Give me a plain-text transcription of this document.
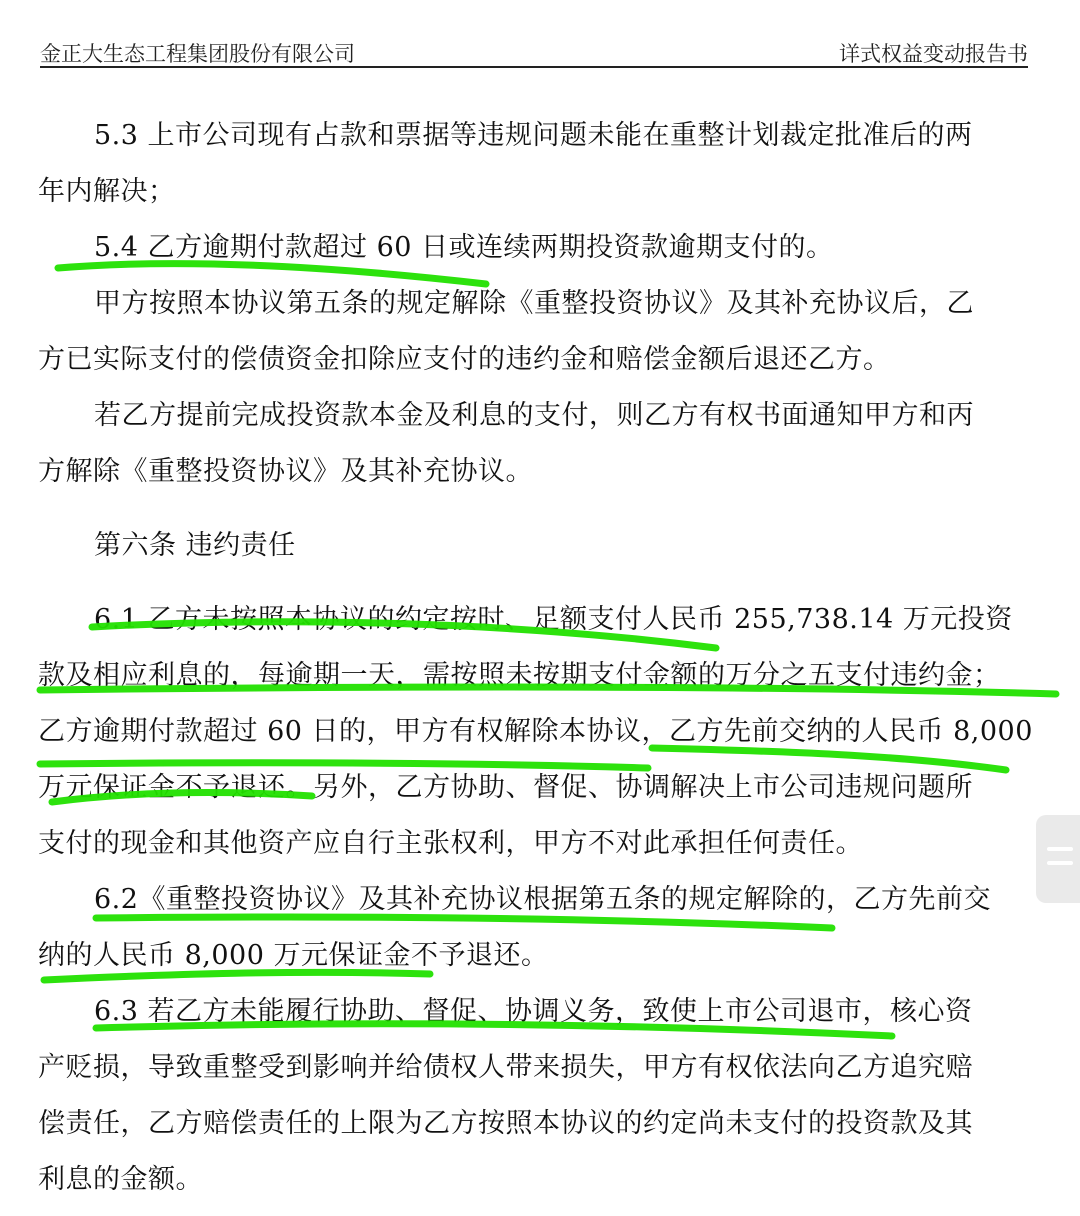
金正大生态工程集团股份有限公司	详式权益变动报告书
5.3 上市公司现有占款和票据等违规问题未能在重整计划裁定批准后的两
年内解决；
5.4 乙方逾期付款超过 60 日或连续两期投资款逾期支付的。
甲方按照本协议第五条的规定解除《重整投资协议》及其补充协议后，乙
方已实际支付的偿债资金扣除应支付的违约金和赔偿金额后退还乙方。
若乙方提前完成投资款本金及利息的支付，则乙方有权书面通知甲方和丙
方解除《重整投资协议》及其补充协议。
第六条 违约责任
6.1 乙方未按照本协议的约定按时、足额支付人民币 255,738.14 万元投资
款及相应利息的，每逾期一天，需按照未按期支付金额的万分之五支付违约金；
乙方逾期付款超过 60 日的，甲方有权解除本协议，乙方先前交纳的人民币 8,000
万元保证金不予退还。另外，乙方协助、督促、协调解决上市公司违规问题所
支付的现金和其他资产应自行主张权利，甲方不对此承担任何责任。
6.2《重整投资协议》及其补充协议根据第五条的规定解除的，乙方先前交
纳的人民币 8,000 万元保证金不予退还。
6.3 若乙方未能履行协助、督促、协调义务，致使上市公司退市，核心资
产贬损，导致重整受到影响并给债权人带来损失，甲方有权依法向乙方追究赔
偿责任，乙方赔偿责任的上限为乙方按照本协议的约定尚未支付的投资款及其
利息的金额。
